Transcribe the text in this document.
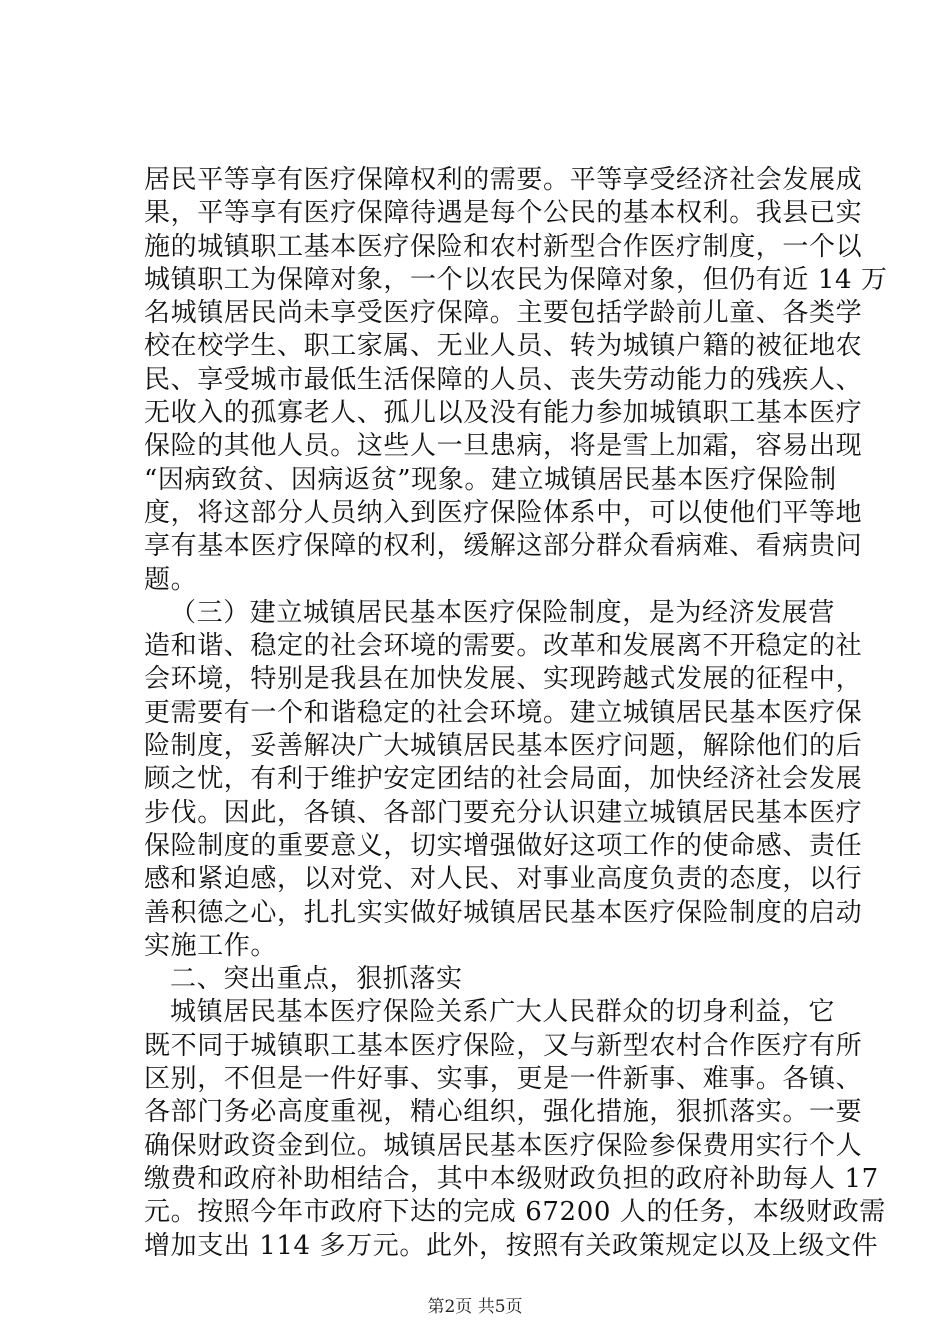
居民平等享有医疗保障权利的需要。平等享受经济社会发展成
果，平等享有医疗保障待遇是每个公民的基本权利。我县已实
施的城镇职工基本医疗保险和农村新型合作医疗制度，一个以
城镇职工为保障对象，一个以农民为保障对象，但仍有近 14 万
名城镇居民尚未享受医疗保障。主要包括学龄前儿童、各类学
校在校学生、职工家属、无业人员、转为城镇户籍的被征地农
民、享受城市最低生活保障的人员、丧失劳动能力的残疾人、
无收入的孤寡老人、孤儿以及没有能力参加城镇职工基本医疗
保险的其他人员。这些人一旦患病，将是雪上加霜，容易出现
“因病致贫、因病返贫”现象。建立城镇居民基本医疗保险制
度，将这部分人员纳入到医疗保险体系中，可以使他们平等地
享有基本医疗保障的权利，缓解这部分群众看病难、看病贵问
题。
（三）建立城镇居民基本医疗保险制度，是为经济发展营
造和谐、稳定的社会环境的需要。改革和发展离不开稳定的社
会环境，特别是我县在加快发展、实现跨越式发展的征程中，
更需要有一个和谐稳定的社会环境。建立城镇居民基本医疗保
险制度，妥善解决广大城镇居民基本医疗问题，解除他们的后
顾之忧，有利于维护安定团结的社会局面，加快经济社会发展
步伐。因此，各镇、各部门要充分认识建立城镇居民基本医疗
保险制度的重要意义，切实增强做好这项工作的使命感、责任
感和紧迫感，以对党、对人民、对事业高度负责的态度，以行
善积德之心，扎扎实实做好城镇居民基本医疗保险制度的启动
实施工作。
二、突出重点，狠抓落实
城镇居民基本医疗保险关系广大人民群众的切身利益，它
既不同于城镇职工基本医疗保险，又与新型农村合作医疗有所
区别，不但是一件好事、实事，更是一件新事、难事。各镇、
各部门务必高度重视，精心组织，强化措施，狠抓落实。一要
确保财政资金到位。城镇居民基本医疗保险参保费用实行个人
缴费和政府补助相结合，其中本级财政负担的政府补助每人 17
元。按照今年市政府下达的完成 67200 人的任务，本级财政需
增加支出 114 多万元。此外，按照有关政策规定以及上级文件
第2页 共5页
